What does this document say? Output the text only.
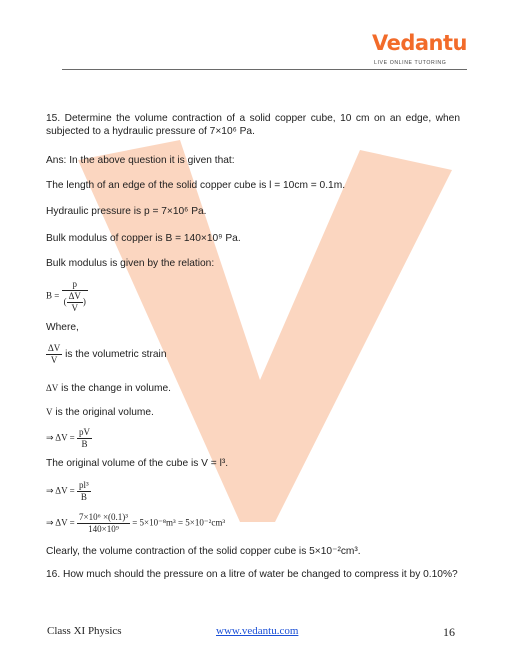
Vedantu
LIVE ONLINE TUTORING
15. Determine the volume contraction of a solid copper cube, 10 cm on an edge, when subjected to a hydraulic pressure of 7×10⁶ Pa.
Ans: In the above question it is given that:
The length of an edge of the solid copper cube is l = 10cm = 0.1m.
Hydraulic pressure is p = 7×10⁶ Pa.
Bulk modulus of copper is B = 140×10⁹ Pa.
Bulk modulus is given by the relation:
$B = \frac{p}{( \frac{\Delta V}{V} )}$
Where,
$\frac{\Delta V}{V}$ is the volumetric strain
ΔV is the change in volume.
V is the original volume.
⇒ $\Delta V = \frac{pV}{B}$
The original volume of the cube is V = l³.
⇒ $\Delta V = \frac{\text{pl³}}{B}$
⇒ $\Delta V = \frac{\text{7×10⁶ ×(0.1)³}}{\text{140×10⁹}} = 5\times 10^{-8}m^3 = 5\times 10^{-2}cm^3$
Clearly, the volume contraction of the solid copper cube is 5×10⁻²cm³.
16. How much should the pressure on a litre of water be changed to compress it by 0.10%?
Class XI Physics	www.vedantu.com	16
